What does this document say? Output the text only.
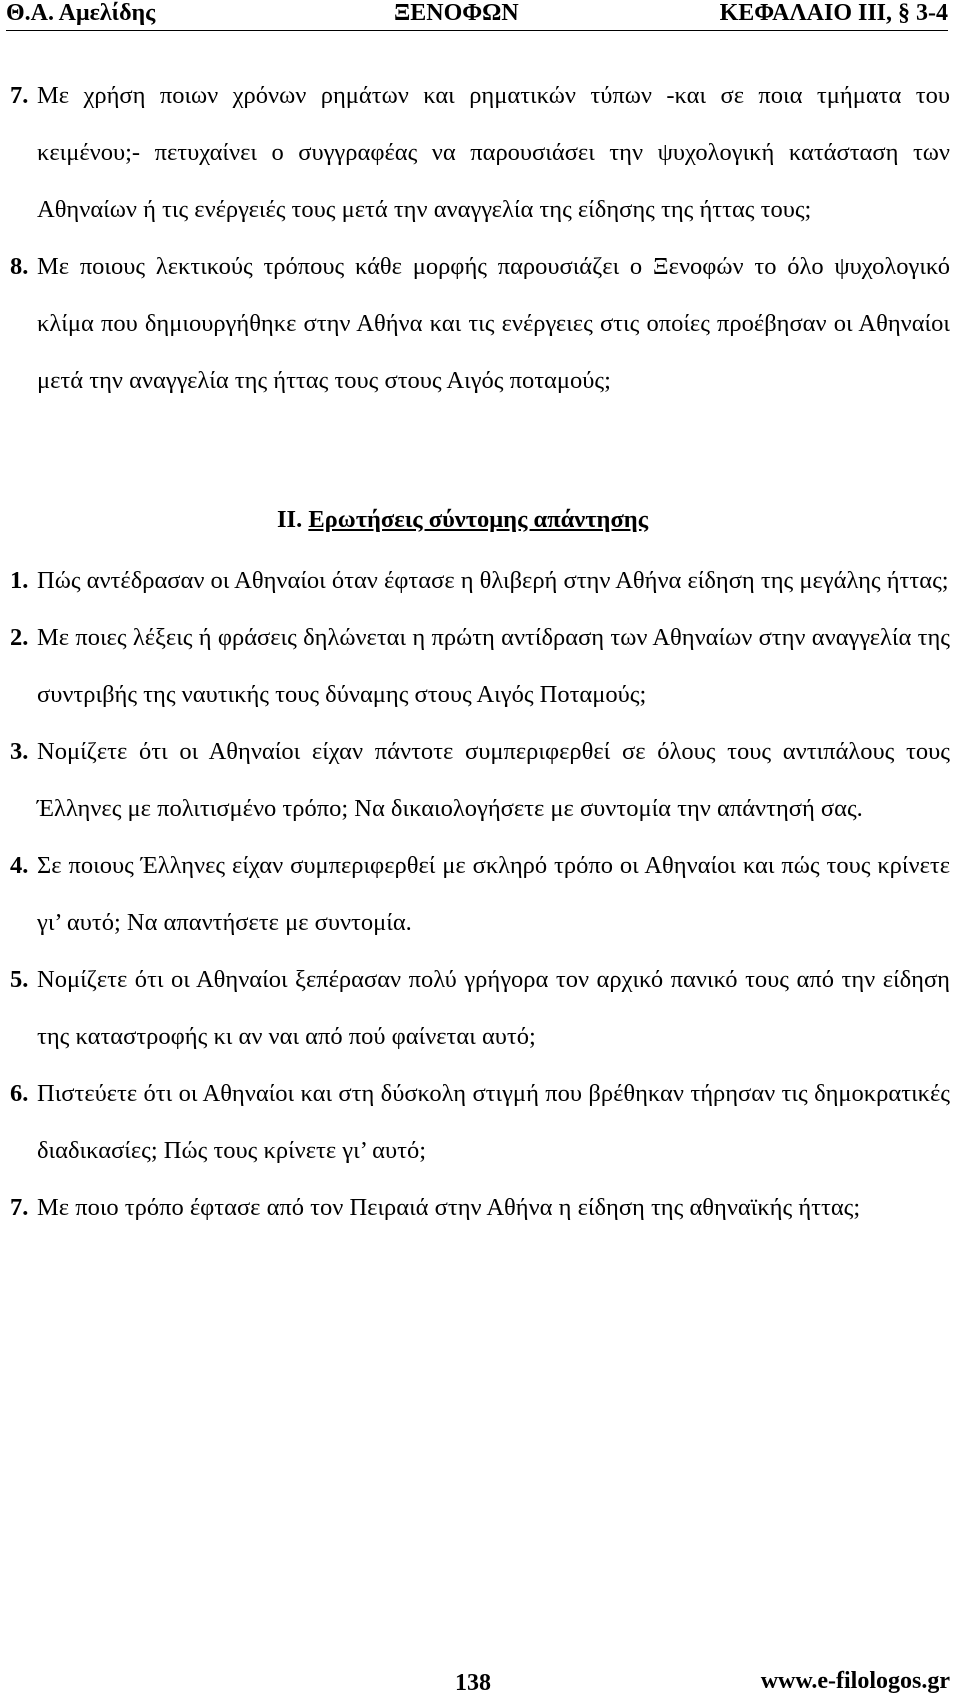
Θ.Α. Αμελίδης	ΞΕΝΟΦΩΝ	ΚΕΦΑΛΑΙΟ ΙΙΙ, § 3-4
7. Με χρήση ποιων χρόνων ρημάτων και ρηματικών τύπων -και σε ποια τμήματα του κειμένου;- πετυχαίνει ο συγγραφέας να παρουσιάσει την ψυχολογική κατάσταση των Αθηναίων ή τις ενέργειές τους μετά την αναγγελία της είδησης της ήττας τους;
8. Με ποιους λεκτικούς τρόπους κάθε μορφής παρουσιάζει ο Ξενοφών το όλο ψυχολογικό κλίμα που δημιουργήθηκε στην Αθήνα και τις ενέργειες στις οποίες προέβησαν οι Αθηναίοι μετά την αναγγελία της ήττας τους στους Αιγός ποταμούς;
ΙΙ. Ερωτήσεις σύντομης απάντησης
1. Πώς αντέδρασαν οι Αθηναίοι όταν έφτασε η θλιβερή στην Αθήνα είδηση της μεγάλης ήττας;
2. Με ποιες λέξεις ή φράσεις δηλώνεται η πρώτη αντίδραση των Αθηναίων στην αναγγελία της συντριβής της ναυτικής τους δύναμης στους Αιγός Ποταμούς;
3. Νομίζετε ότι οι Αθηναίοι είχαν πάντοτε συμπεριφερθεί σε όλους τους αντιπάλους τους Έλληνες με πολιτισμένο τρόπο; Να δικαιολογήσετε με συντομία την απάντησή σας.
4. Σε ποιους Έλληνες είχαν συμπεριφερθεί με σκληρό τρόπο οι Αθηναίοι και πώς τους κρίνετε γι’ αυτό; Να απαντήσετε με συντομία.
5. Νομίζετε ότι οι Αθηναίοι ξεπέρασαν πολύ γρήγορα τον αρχικό πανικό τους από την είδηση της καταστροφής κι αν ναι από πού φαίνεται αυτό;
6. Πιστεύετε ότι οι Αθηναίοι και στη δύσκολη στιγμή που βρέθηκαν τήρησαν τις δημοκρατικές διαδικασίες; Πώς τους κρίνετε γι’ αυτό;
7. Με ποιο τρόπο έφτασε από τον Πειραιά στην Αθήνα η είδηση της αθηναϊκής ήττας;
138	www.e-filologos.gr
